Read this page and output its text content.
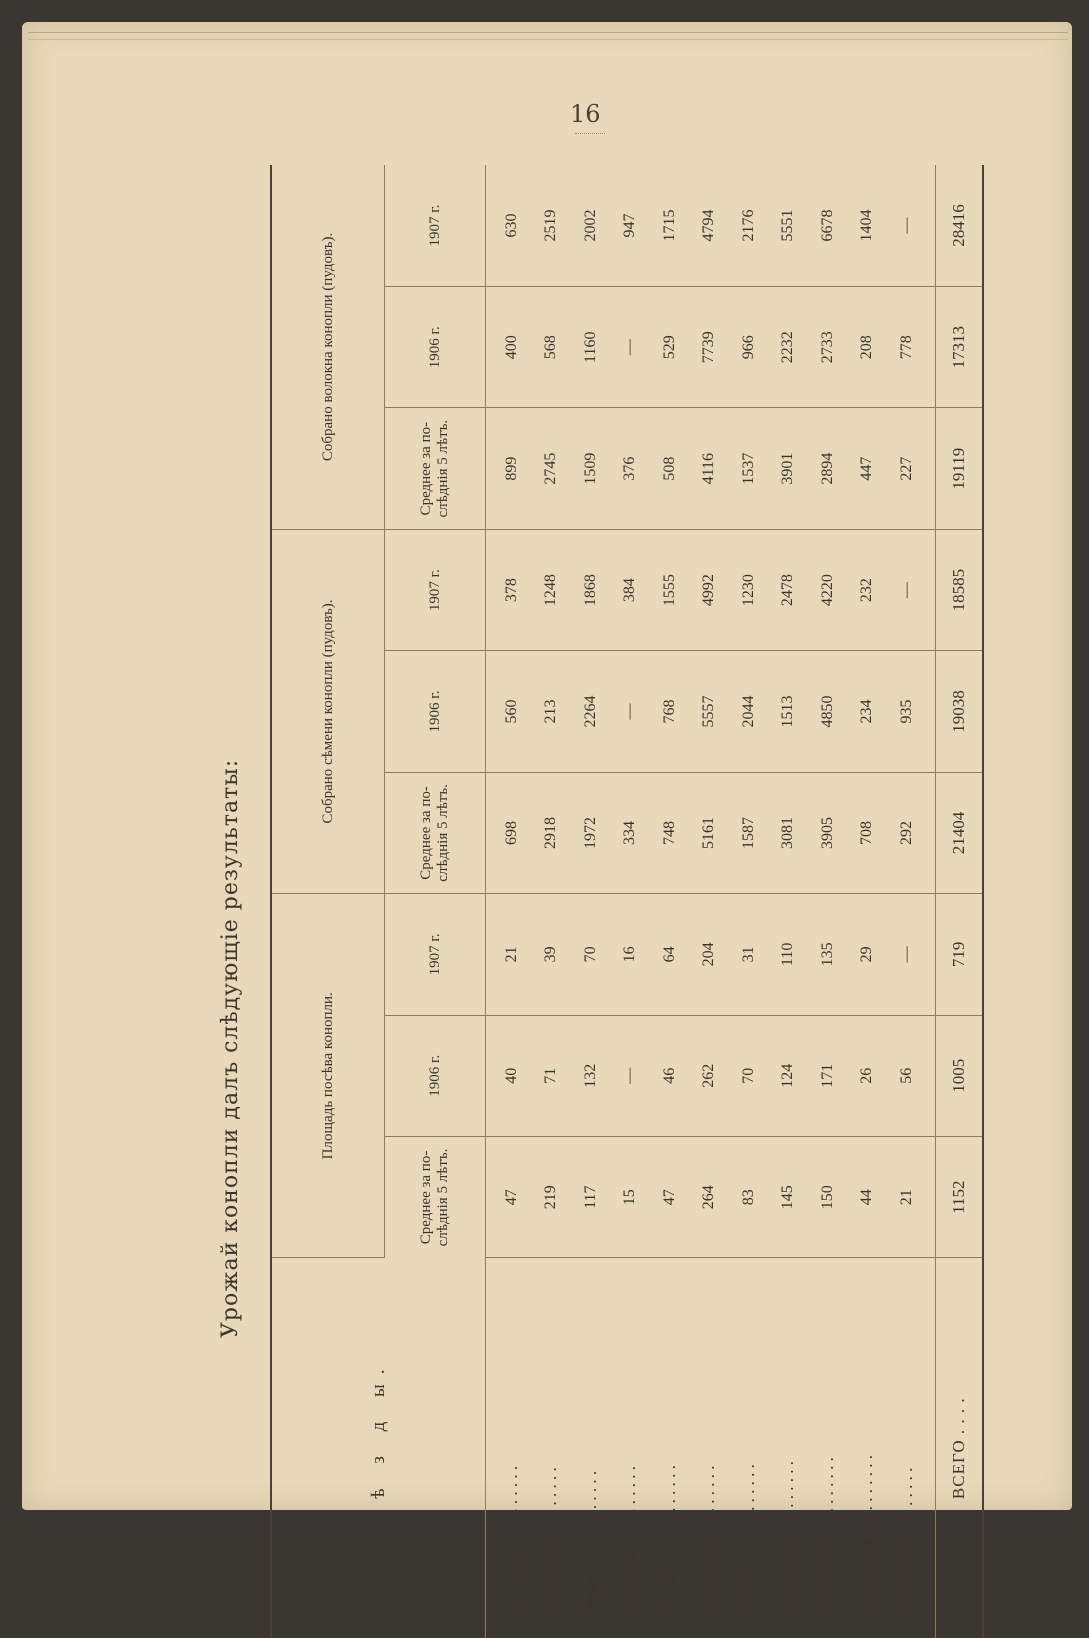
16
Урожай конопли далъ слѣдующіе результаты:
У ѣ з д ы.	Площадь посѣва конопли.			Собрано сѣмени конопли (пудовъ).			Собрано волокна конопли (пудовъ).		
	Среднее за по- слѣднія 5 лѣтъ.	1906 г.	1907 г.	Среднее за по- слѣднія 5 лѣтъ.	1906 г.	1907 г.	Среднее за по- слѣднія 5 лѣтъ.	1906 г.	1907 г.
Новгородскій . . . . . . .	47	40	21	698	560	378	899	400	630
Старорусскій . . . . . . .	219	71	39	2918	213	1248	2745	568	2519
Демянскій . . . . . . . . .	117	132	70	1972	2264	1868	1509	1160	2002
Крестецкій . . . . . . . . .	15	—	16	334	—	384	376	—	947
Валдайскій . . . . . . . . .	47	46	64	748	768	1555	508	529	1715
Боровичскій . . . . . . . .	264	262	204	5161	5557	4992	4116	7739	4794
Тихвинскій . . . . . . . . .	83	70	31	1587	2044	1230	1537	966	2176
Устюженскій . . . . . . . .	145	124	110	3081	1513	2478	3901	2232	5551
Череповецкій . . . . . . . .	150	171	135	3905	4850	4220	2894	2733	6678
Кирилловскій . . . . . . . .	44	26	29	708	234	232	447	208	1404
Бѣлозерскій . . . . . . . .	21	56	—	292	935	—	227	778	—

ВСЕГО . . . .	1152	1005	719	21404	19038	18585	19119	17313	28416
